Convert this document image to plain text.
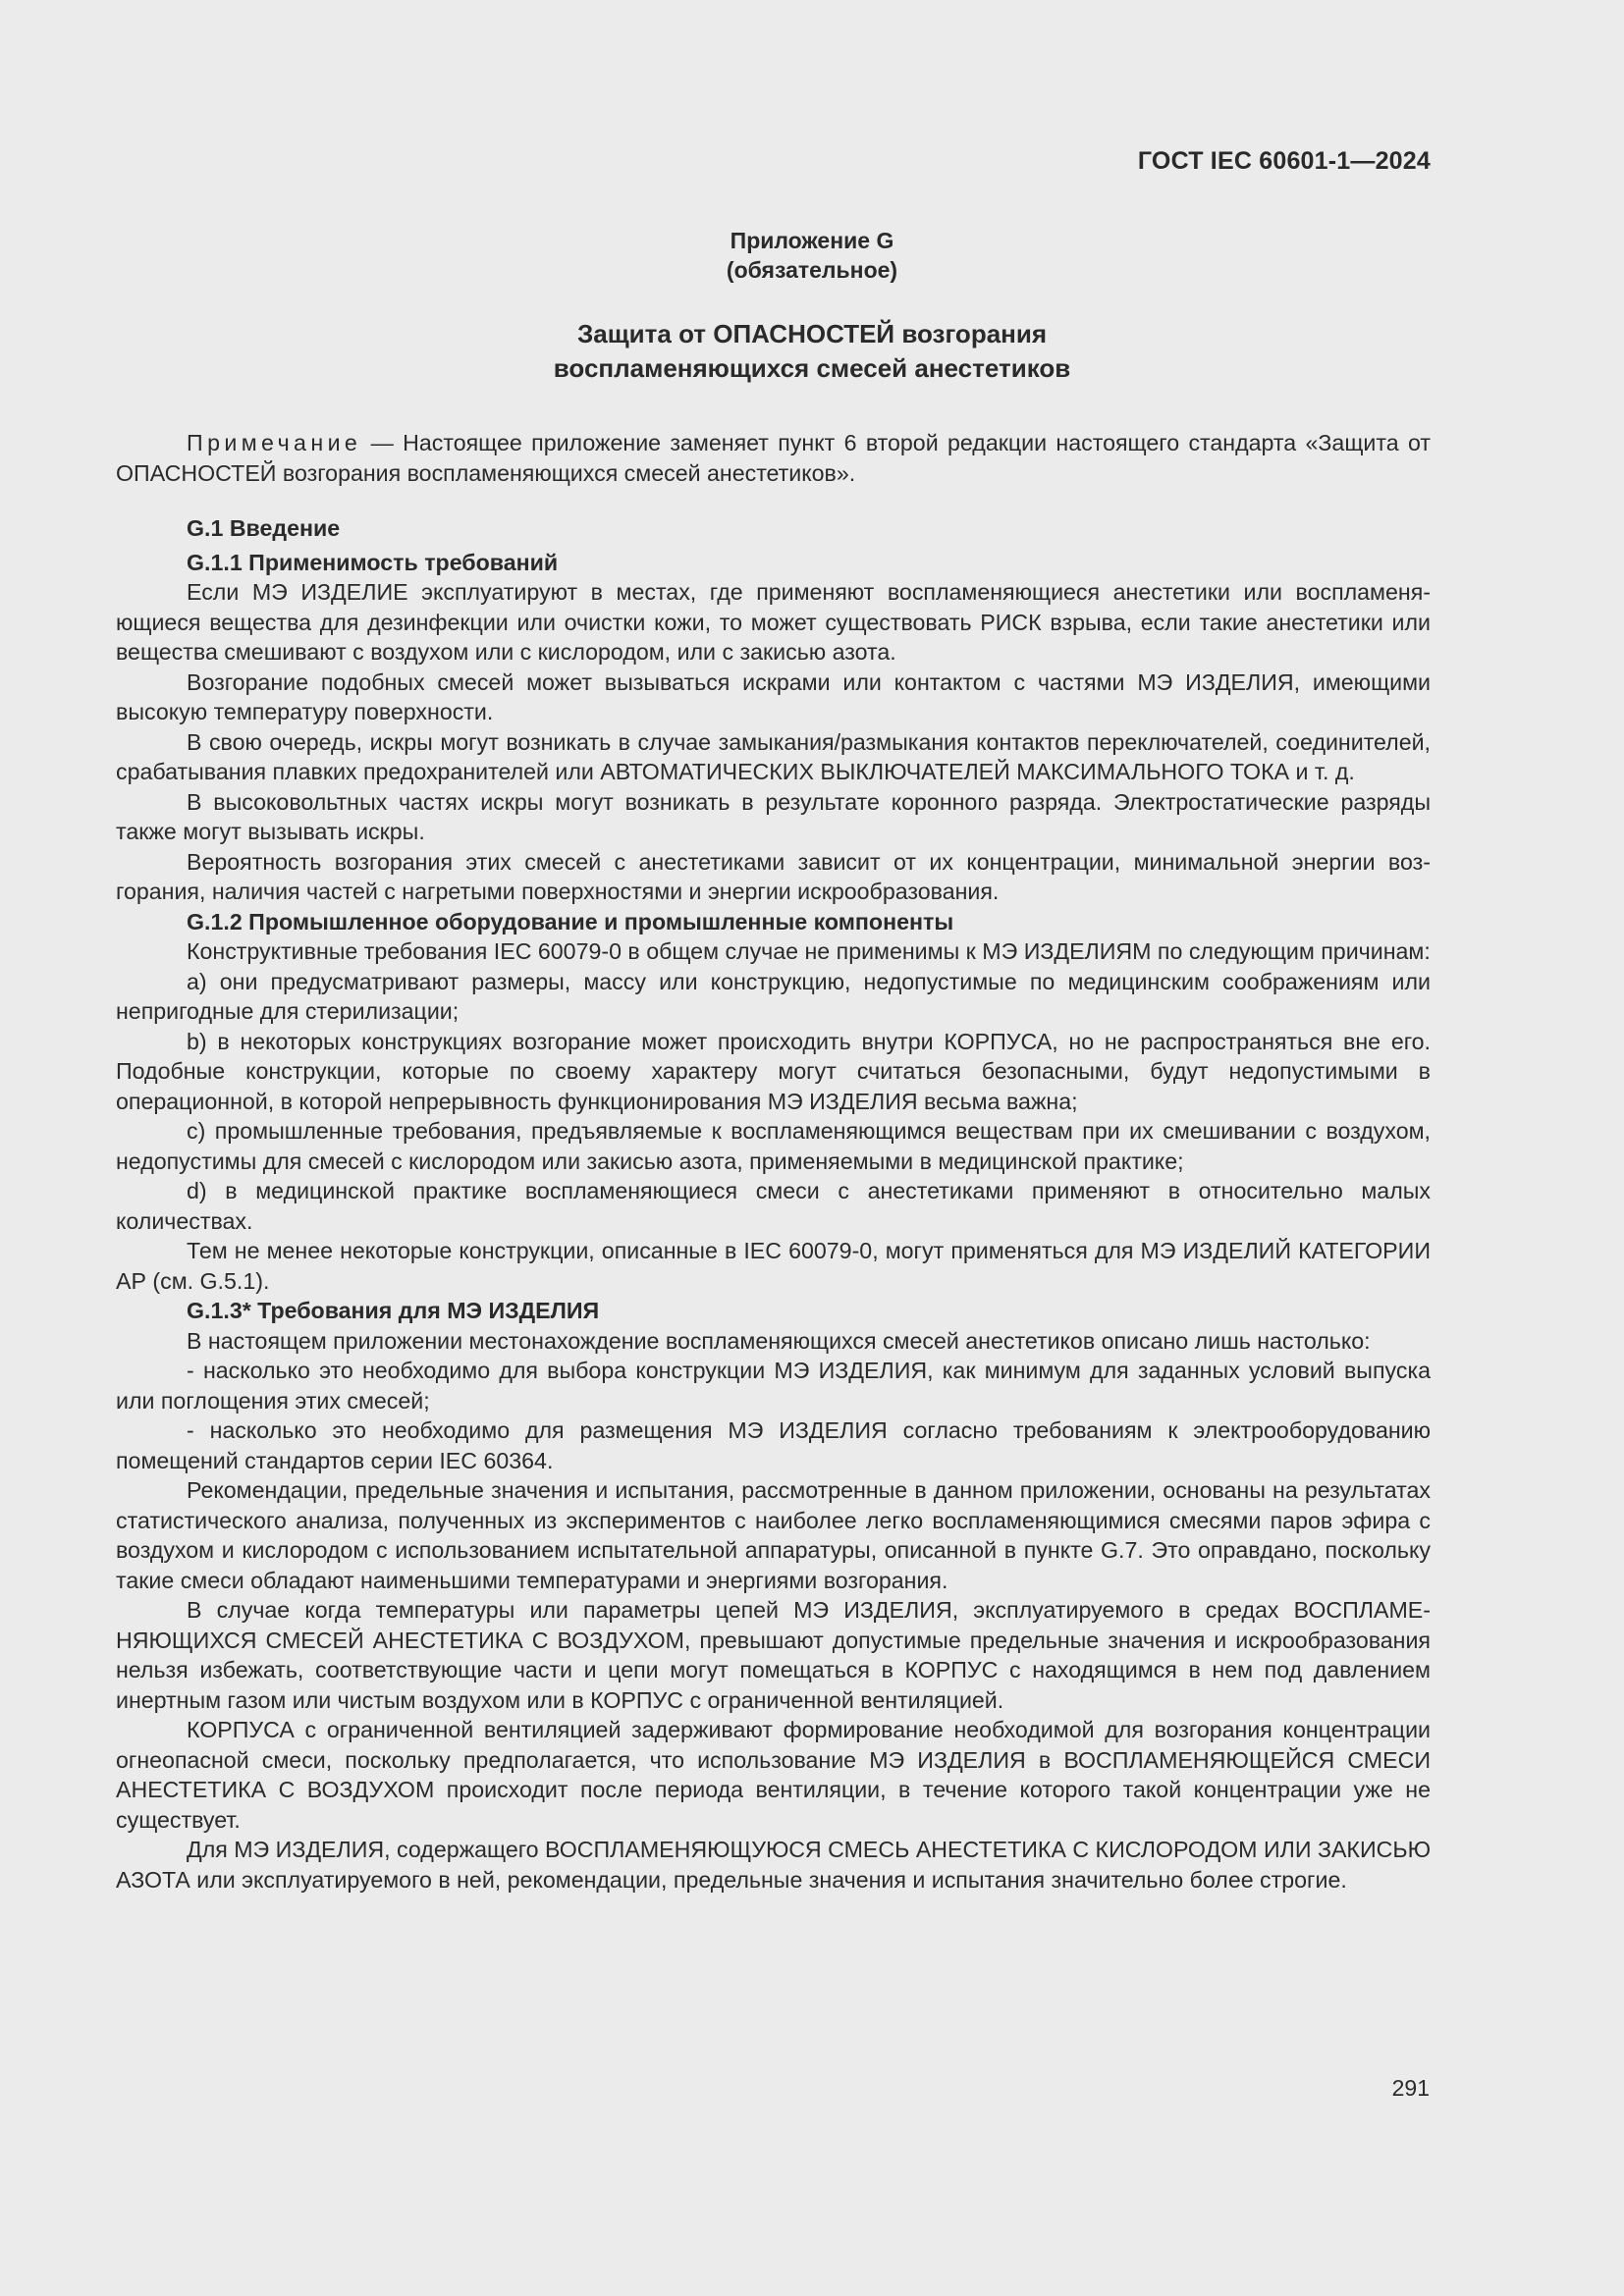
ГОСТ IEC 60601-1—2024
Приложение G
(обязательное)
Защита от ОПАСНОСТЕЙ возгорания
воспламеняющихся смесей анестетиков

Примечание — Настоящее приложение заменяет пункт 6 второй редакции настоящего стандарта «Защита от ОПАСНОСТЕЙ возгорания воспламеняющихся смесей анестетиков».

G.1 Введение
G.1.1 Применимость требований

Если МЭ ИЗДЕЛИЕ эксплуатируют в местах, где применяют воспламеняющиеся анестетики или воспламеняющиеся вещества для дезинфекции или очистки кожи, то может существовать РИСК взрыва, если такие анестетики или вещества смешивают с воздухом или с кислородом, или с закисью азота.

Возгорание подобных смесей может вызываться искрами или контактом с частями МЭ ИЗДЕЛИЯ, имеющими высокую температуру поверхности.

В свою очередь, искры могут возникать в случае замыкания/размыкания контактов переключателей, соединителей, срабатывания плавких предохранителей или АВТОМАТИЧЕСКИХ ВЫКЛЮЧАТЕЛЕЙ МАКСИМАЛЬНОГО ТОКА и т. д.

В высоковольтных частях искры могут возникать в результате коронного разряда. Электростатические разряды также могут вызывать искры.

Вероятность возгорания этих смесей с анестетиками зависит от их концентрации, минимальной энергии возгорания, наличия частей с нагретыми поверхностями и энергии искрообразования.

G.1.2 Промышленное оборудование и промышленные компоненты

Конструктивные требования IEC 60079-0 в общем случае не применимы к МЭ ИЗДЕЛИЯМ по следующим причинам:

a) они предусматривают размеры, массу или конструкцию, недопустимые по медицинским соображениям или непригодные для стерилизации;

b) в некоторых конструкциях возгорание может происходить внутри КОРПУСА, но не распространяться вне его. Подобные конструкции, которые по своему характеру могут считаться безопасными, будут недопустимыми в операционной, в которой непрерывность функционирования МЭ ИЗДЕЛИЯ весьма важна;

c) промышленные требования, предъявляемые к воспламеняющимся веществам при их смешивании с воздухом, недопустимы для смесей с кислородом или закисью азота, применяемыми в медицинской практике;

d) в медицинской практике воспламеняющиеся смеси с анестетиками применяют в относительно малых количествах.

Тем не менее некоторые конструкции, описанные в IEC 60079-0, могут применяться для МЭ ИЗДЕЛИЙ КАТЕГОРИИ АР (см. G.5.1).

G.1.3* Требования для МЭ ИЗДЕЛИЯ

В настоящем приложении местонахождение воспламеняющихся смесей анестетиков описано лишь настолько:

- насколько это необходимо для выбора конструкции МЭ ИЗДЕЛИЯ, как минимум для заданных условий выпуска или поглощения этих смесей;

- насколько это необходимо для размещения МЭ ИЗДЕЛИЯ согласно требованиям к электрооборудованию помещений стандартов серии IEC 60364.

Рекомендации, предельные значения и испытания, рассмотренные в данном приложении, основаны на результатах статистического анализа, полученных из экспериментов с наиболее легко воспламеняющимися смесями паров эфира с воздухом и кислородом с использованием испытательной аппаратуры, описанной в пункте G.7. Это оправдано, поскольку такие смеси обладают наименьшими температурами и энергиями возгорания.

В случае когда температуры или параметры цепей МЭ ИЗДЕЛИЯ, эксплуатируемого в средах ВОСПЛАМЕНЯЮЩИХСЯ СМЕСЕЙ АНЕСТЕТИКА С ВОЗДУХОМ, превышают допустимые предельные значения и искрообразования нельзя избежать, соответствующие части и цепи могут помещаться в КОРПУС с находящимся в нем под давлением инертным газом или чистым воздухом или в КОРПУС с ограниченной вентиляцией.

КОРПУСА с ограниченной вентиляцией задерживают формирование необходимой для возгорания концентрации огнеопасной смеси, поскольку предполагается, что использование МЭ ИЗДЕЛИЯ в ВОСПЛАМЕНЯЮЩЕЙСЯ СМЕСИ АНЕСТЕТИКА С ВОЗДУХОМ происходит после периода вентиляции, в течение которого такой концентрации уже не существует.

Для МЭ ИЗДЕЛИЯ, содержащего ВОСПЛАМЕНЯЮЩУЮСЯ СМЕСЬ АНЕСТЕТИКА С КИСЛОРОДОМ ИЛИ ЗАКИСЬЮ АЗОТА или эксплуатируемого в ней, рекомендации, предельные значения и испытания значительно более строгие.

291
